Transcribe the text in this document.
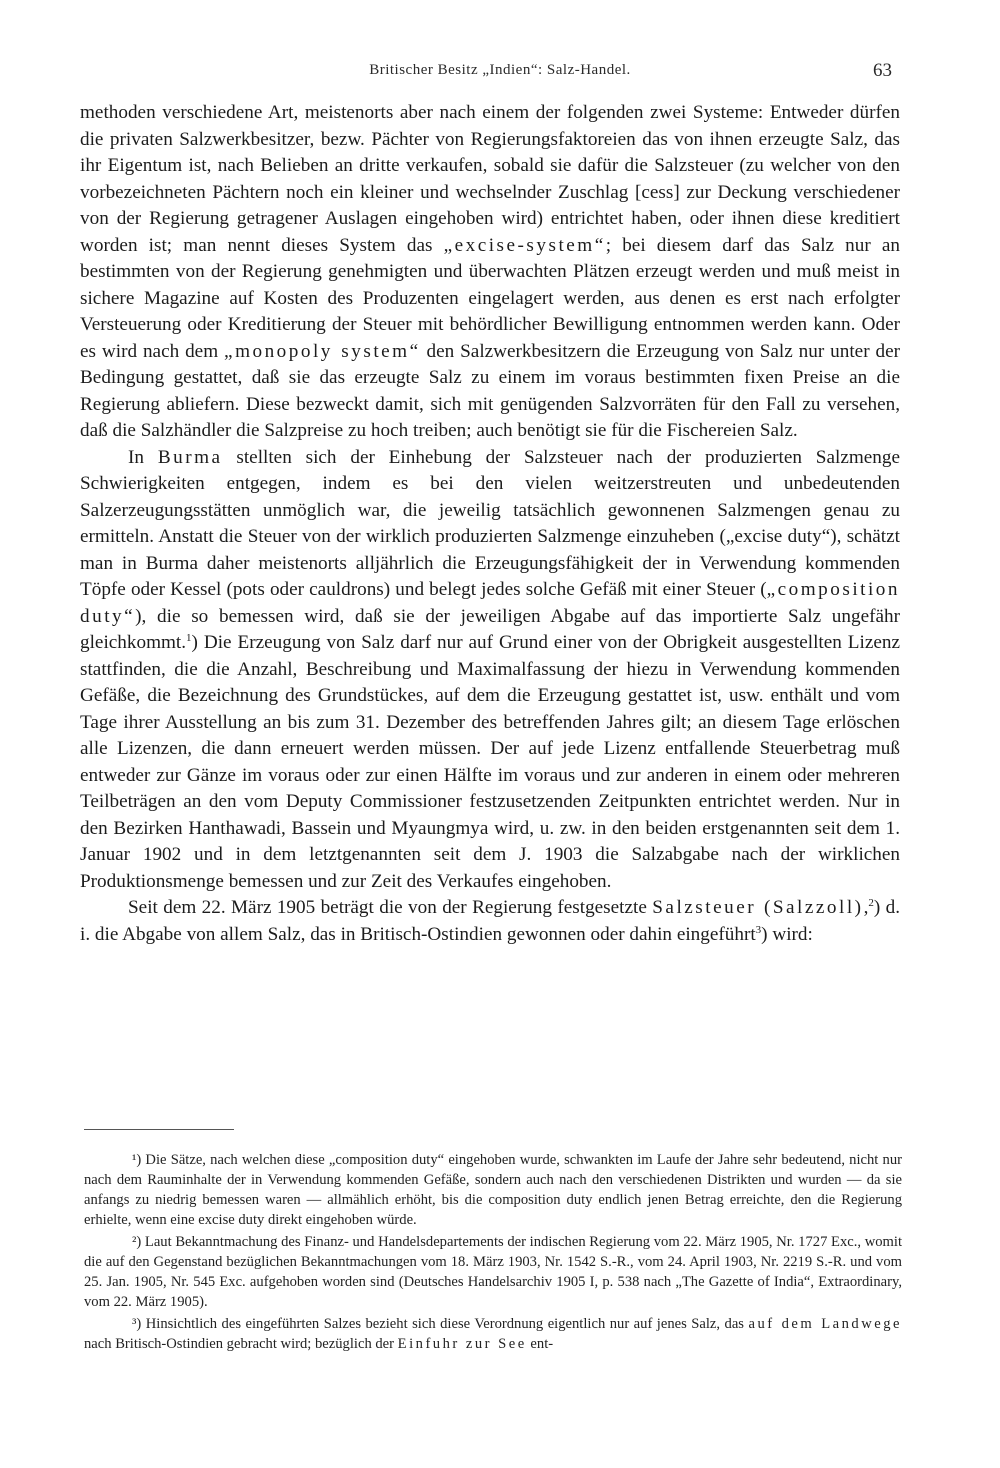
Britischer Besitz „Indien“: Salz-Handel.	63

methoden verschiedene Art, meistenorts aber nach einem der folgenden zwei Systeme: Entweder dürfen die privaten Salzwerkbesitzer, bezw. Pächter von Regierungsfaktoreien das von ihnen erzeugte Salz, das ihr Eigentum ist, nach Belieben an dritte verkaufen, sobald sie dafür die Salzsteuer (zu welcher von den vorbezeichneten Pächtern noch ein kleiner und wechselnder Zuschlag [cess] zur Deckung verschiedener von der Regierung getragener Auslagen eingehoben wird) entrichtet haben, oder ihnen diese kreditiert worden ist; man nennt dieses System das „excise-system“; bei diesem darf das Salz nur an bestimmten von der Regierung genehmigten und überwachten Plätzen erzeugt werden und muß meist in sichere Magazine auf Kosten des Produzenten eingelagert werden, aus denen es erst nach erfolgter Versteuerung oder Kreditierung der Steuer mit behördlicher Bewilligung entnommen werden kann. Oder es wird nach dem „monopoly system“ den Salzwerkbesitzern die Erzeugung von Salz nur unter der Bedingung gestattet, daß sie das erzeugte Salz zu einem im voraus bestimmten fixen Preise an die Regierung abliefern. Diese bezweckt damit, sich mit genügenden Salzvorräten für den Fall zu versehen, daß die Salzhändler die Salzpreise zu hoch treiben; auch benötigt sie für die Fischereien Salz.

In Burma stellten sich der Einhebung der Salzsteuer nach der produzierten Salzmenge Schwierigkeiten entgegen, indem es bei den vielen weitzerstreuten und unbedeutenden Salzerzeugungsstätten unmöglich war, die jeweilig tatsächlich gewonnenen Salzmengen genau zu ermitteln. Anstatt die Steuer von der wirklich produzierten Salzmenge einzuheben („excise duty“), schätzt man in Burma daher meistenorts alljährlich die Erzeugungsfähigkeit der in Verwendung kommenden Töpfe oder Kessel (pots oder cauldrons) und belegt jedes solche Gefäß mit einer Steuer („composition duty“), die so bemessen wird, daß sie der jeweiligen Abgabe auf das importierte Salz ungefähr gleichkommt.$^1$) Die Erzeugung von Salz darf nur auf Grund einer von der Obrigkeit ausgestellten Lizenz stattfinden, die die Anzahl, Beschreibung und Maximalfassung der hiezu in Verwendung kommenden Gefäße, die Bezeichnung des Grundstückes, auf dem die Erzeugung gestattet ist, usw. enthält und vom Tage ihrer Ausstellung an bis zum 31. Dezember des betreffenden Jahres gilt; an diesem Tage erlöschen alle Lizenzen, die dann erneuert werden müssen. Der auf jede Lizenz entfallende Steuerbetrag muß entweder zur Gänze im voraus oder zur einen Hälfte im voraus und zur anderen in einem oder mehreren Teilbeträgen an den vom Deputy Commissioner festzusetzenden Zeitpunkten entrichtet werden. Nur in den Bezirken Hanthawadi, Bassein und Myaungmya wird, u. zw. in den beiden erstgenannten seit dem 1. Januar 1902 und in dem letztgenannten seit dem J. 1903 die Salzabgabe nach der wirklichen Produktionsmenge bemessen und zur Zeit des Verkaufes eingehoben.

Seit dem 22. März 1905 beträgt die von der Regierung festgesetzte Salzsteuer (Salzzoll),$^2$) d. i. die Abgabe von allem Salz, das in Britisch-Ostindien gewonnen oder dahin eingeführt$^3$) wird:

¹) Die Sätze, nach welchen diese „composition duty“ eingehoben wurde, schwankten im Laufe der Jahre sehr bedeutend, nicht nur nach dem Rauminhalte der in Verwendung kommenden Gefäße, sondern auch nach den verschiedenen Distrikten und wurden — da sie anfangs zu niedrig bemessen waren — allmählich erhöht, bis die composition duty endlich jenen Betrag erreichte, den die Regierung erhielte, wenn eine excise duty direkt eingehoben würde.

²) Laut Bekanntmachung des Finanz- und Handelsdepartements der indischen Regierung vom 22. März 1905, Nr. 1727 Exc., womit die auf den Gegenstand bezüglichen Bekanntmachungen vom 18. März 1903, Nr. 1542 S.-R., vom 24. April 1903, Nr. 2219 S.-R. und vom 25. Jan. 1905, Nr. 545 Exc. aufgehoben worden sind (Deutsches Handelsarchiv 1905 I, p. 538 nach „The Gazette of India“, Extraordinary, vom 22. März 1905).

³) Hinsichtlich des eingeführten Salzes bezieht sich diese Verordnung eigentlich nur auf jenes Salz, das auf dem Landwege nach Britisch-Ostindien gebracht wird; bezüglich der Einfuhr zur See ent-
